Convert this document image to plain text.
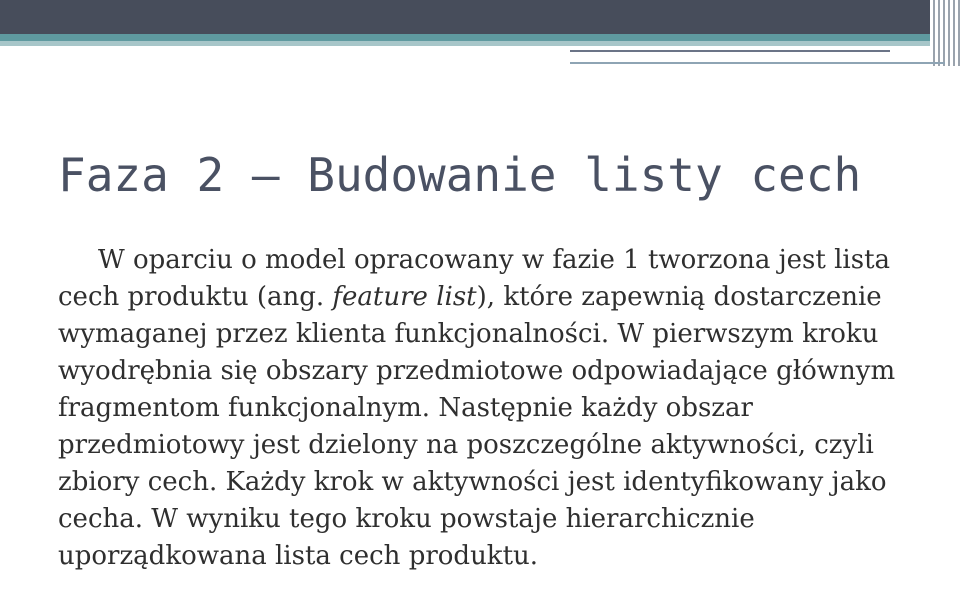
Faza 2 – Budowanie listy cech

W oparciu o model opracowany w fazie 1 tworzona jest lista cech produktu (ang. feature list), które zapewnią dostarczenie wymaganej przez klienta funkcjonalności. W pierwszym kroku wyodrębnia się obszary przedmiotowe odpowiadające głównym fragmentom funkcjonalnym. Następnie każdy obszar przedmiotowy jest dzielony na poszczególne aktywności, czyli zbiory cech. Każdy krok w aktywności jest identyfikowany jako cecha. W wyniku tego kroku powstaje hierarchicznie uporządkowana lista cech produktu.
